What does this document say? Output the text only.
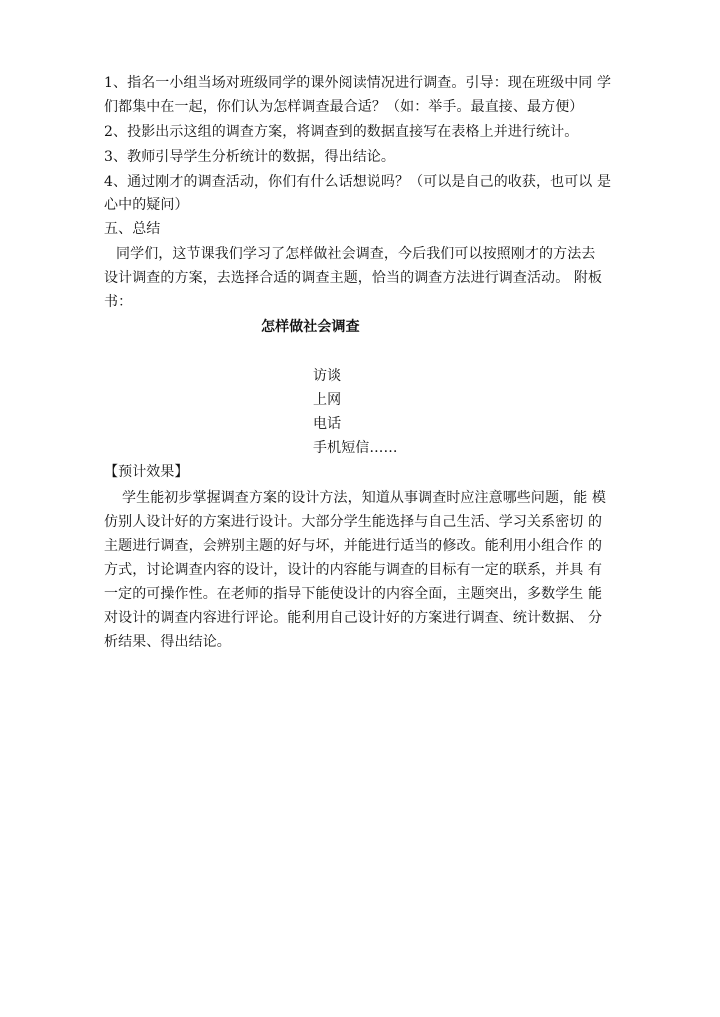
1、指名一小组当场对班级同学的课外阅读情况进行调查。引导：现在班级中同 学
们都集中在一起，你们认为怎样调查最合适？（如：举手。最直接、最方便）
2、投影出示这组的调查方案，将调查到的数据直接写在表格上并进行统计。
3、教师引导学生分析统计的数据，得出结论。
4、通过刚才的调查活动，你们有什么话想说吗？（可以是自己的收获，也可以 是
心中的疑问）
五、总结
同学们，这节课我们学习了怎样做社会调查，今后我们可以按照刚才的方法去
设计调查的方案，去选择合适的调查主题，恰当的调查方法进行调查活动。 附板
书：
怎样做社会调查
访谈
上网
电话
手机短信……
【预计效果】
学生能初步掌握调查方案的设计方法，知道从事调查时应注意哪些问题，能 模
仿别人设计好的方案进行设计。大部分学生能选择与自己生活、学习关系密切 的
主题进行调查，会辨别主题的好与坏，并能进行适当的修改。能利用小组合作 的
方式，讨论调查内容的设计，设计的内容能与调查的目标有一定的联系，并具 有
一定的可操作性。在老师的指导下能使设计的内容全面，主题突出，多数学生 能
对设计的调查内容进行评论。能利用自己设计好的方案进行调查、统计数据、 分
析结果、得出结论。
